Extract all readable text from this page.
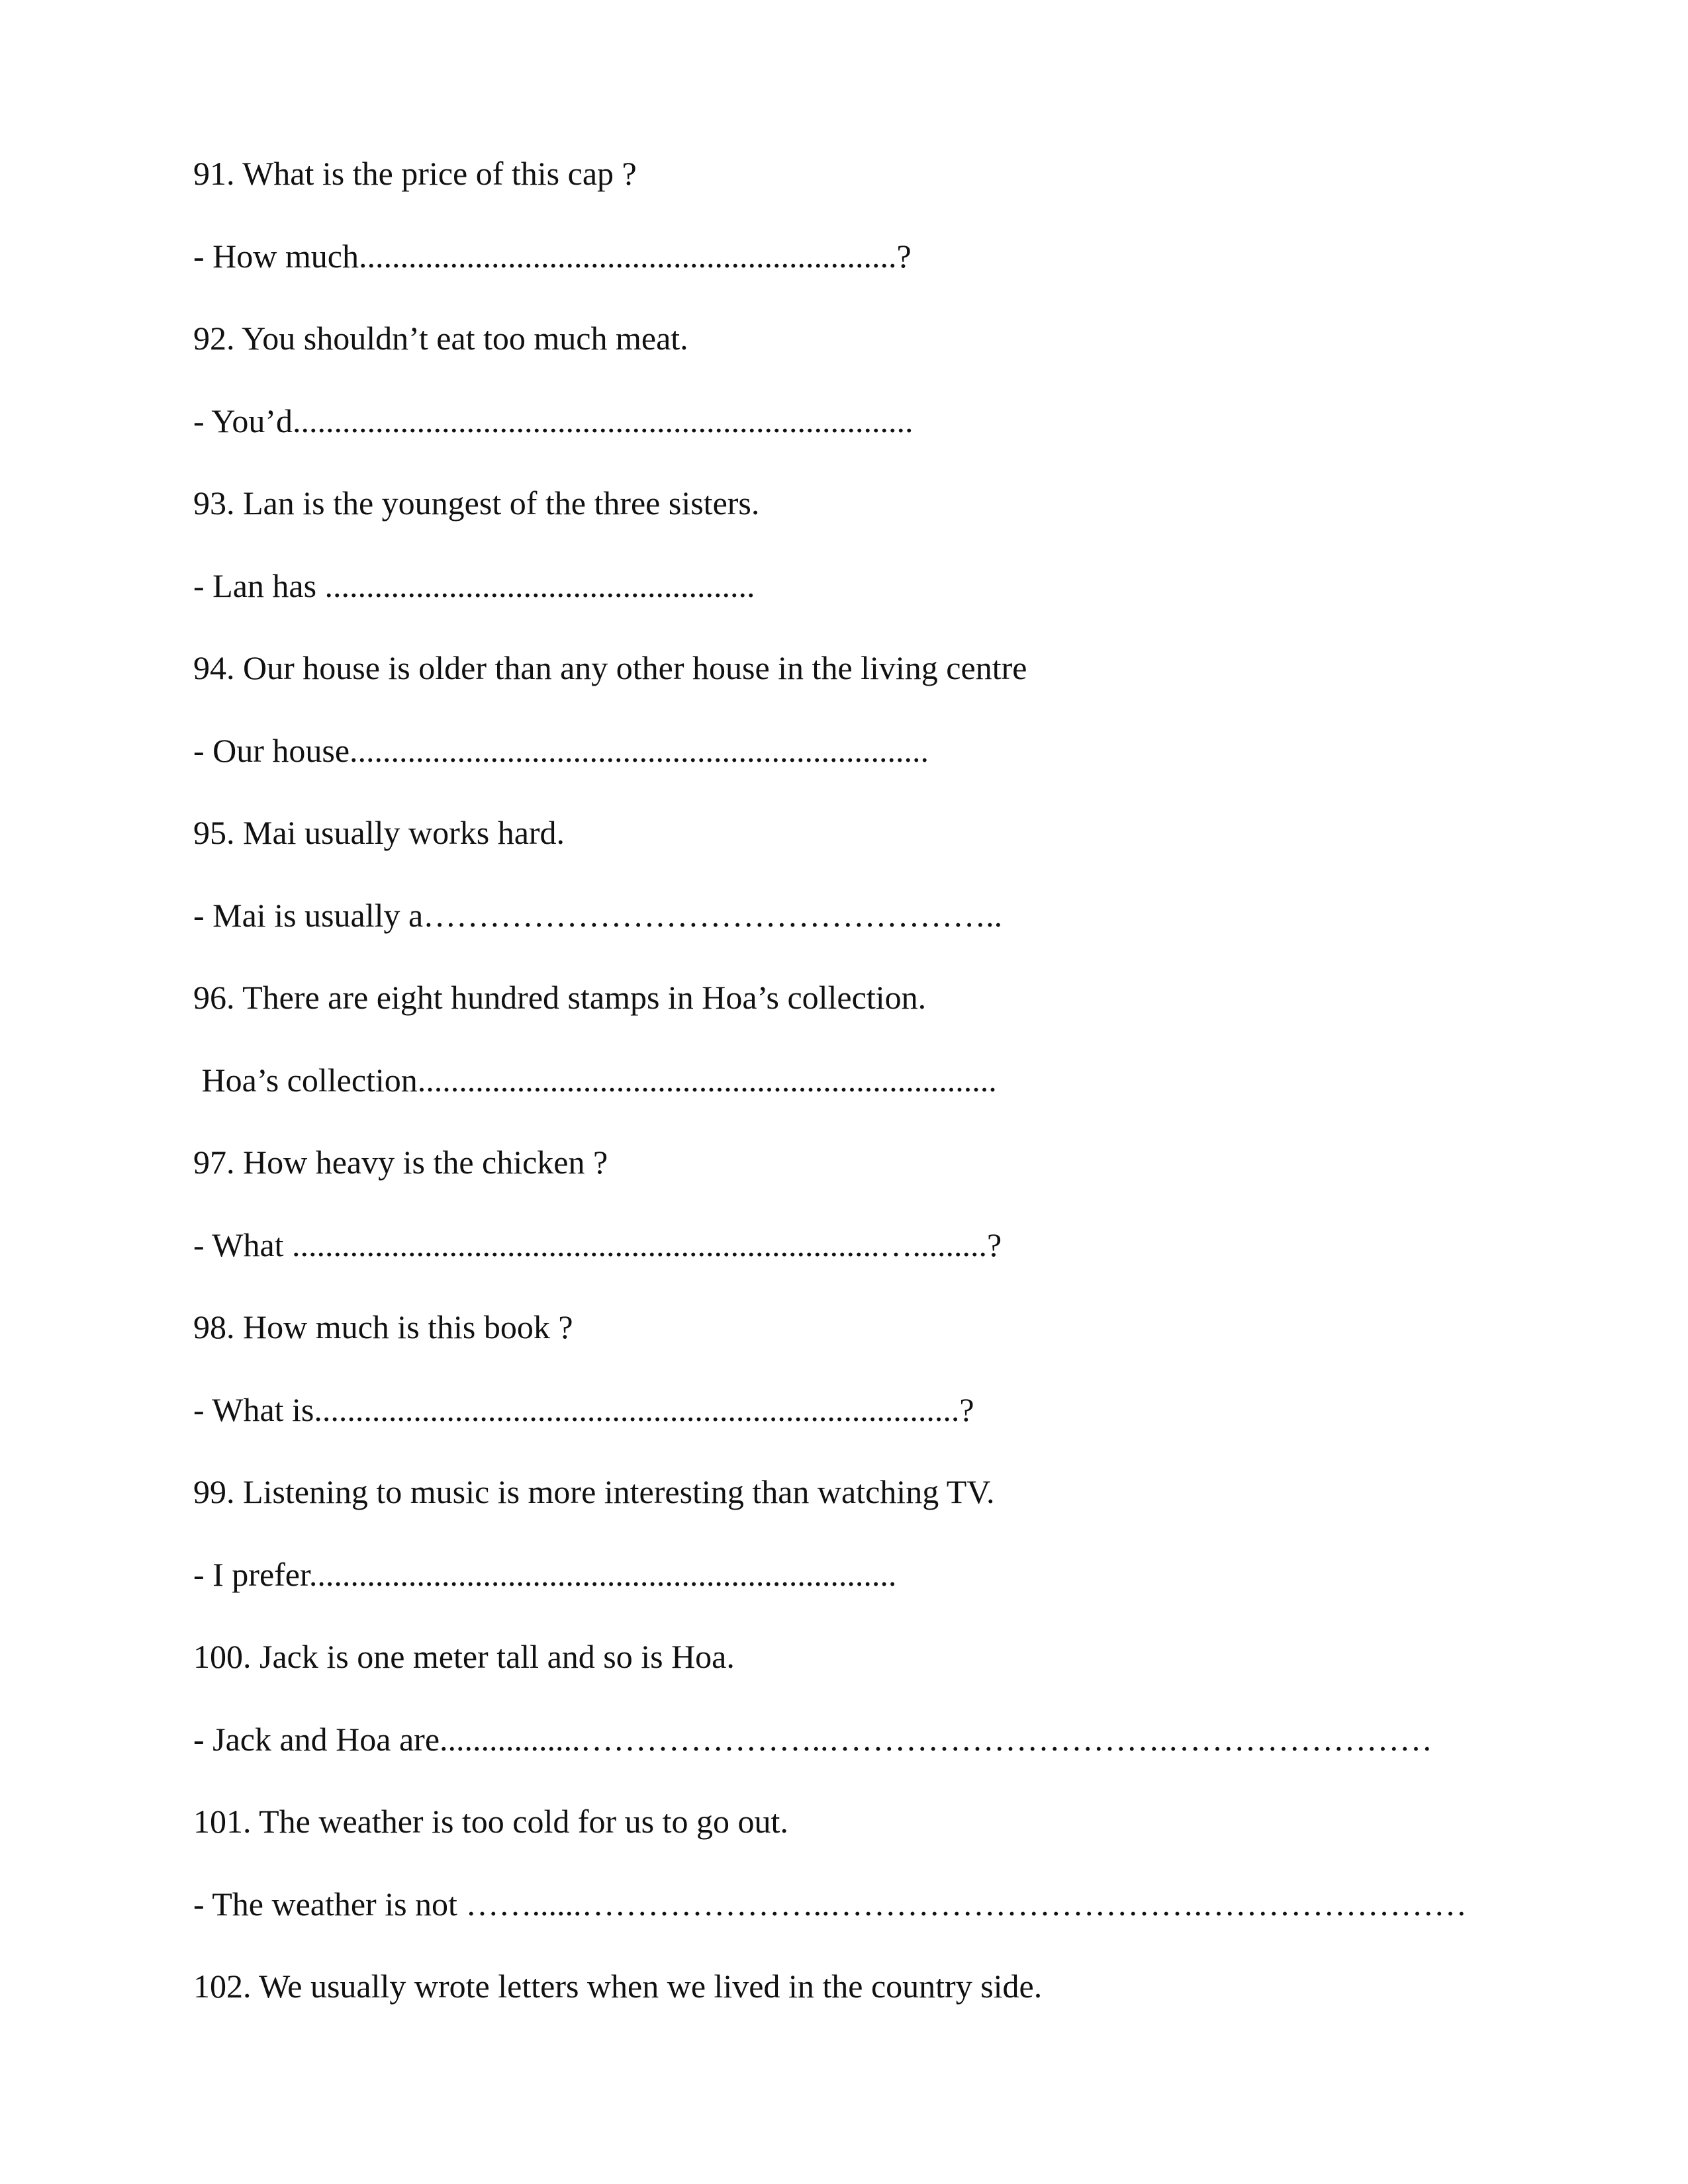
91. What is the price of this cap ?
- How much.................................................................?
92. You shouldn’t eat too much meat.
- You’d...........................................................................
93. Lan is the youngest of the three sisters.
- Lan has ....................................................
94. Our house is older than any other house in the living centre
- Our house......................................................................
95. Mai usually works hard.
- Mai is usually a……………………………………………..
96. There are eight hundred stamps in Hoa’s collection.
Hoa’s collection......................................................................
97. How heavy is the chicken ?
- What .......................................................................….........?
98. How much is this book ?
- What is..............................................................................?
99. Listening to music is more interesting than watching TV.
- I prefer.......................................................................
100. Jack is one meter tall and so is Hoa.
- Jack and Hoa are.................…………………..………………………….……………………
101. The weather is too cold for us to go out.
- The weather is not ……......…………………..…………………………….……………………
102. We usually wrote letters when we lived in the country side.
